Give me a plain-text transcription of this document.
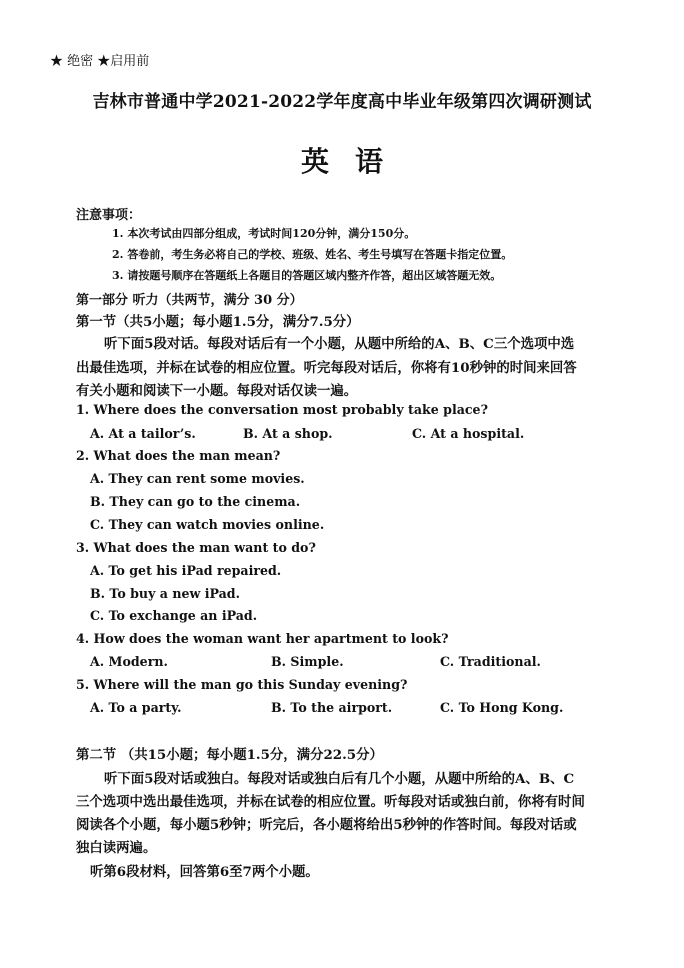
★ 绝密 ★启用前
吉林市普通中学2021-2022学年度高中毕业年级第四次调研测试
英语
注意事项：
1. 本次考试由四部分组成，考试时间120分钟，满分150分。
2. 答卷前，考生务必将自己的学校、班级、姓名、考生号填写在答题卡指定位置。
3. 请按题号顺序在答题纸上各题目的答题区域内整齐作答，超出区域答题无效。
第一部分 听力（共两节，满分 30 分）
第一节（共5小题；每小题1.5分，满分7.5分）
听下面5段对话。每段对话后有一个小题，从题中所给的A、B、C三个选项中选
出最佳选项，并标在试卷的相应位置。听完每段对话后，你将有10秒钟的时间来回答
有关小题和阅读下一小题。每段对话仅读一遍。
1. Where does the conversation most probably take place?
A. At a tailor’s.	B. At a shop.	C. At a hospital.
2. What does the man mean?
A. They can rent some movies.
B. They can go to the cinema.
C. They can watch movies online.
3. What does the man want to do?
A. To get his iPad repaired.
B. To buy a new iPad.
C. To exchange an iPad.
4. How does the woman want her apartment to look?
A. Modern.	B. Simple.	C. Traditional.
5. Where will the man go this Sunday evening?
A. To a party.	B. To the airport.	C. To Hong Kong.
第二节 （共15小题；每小题1.5分，满分22.5分）
听下面5段对话或独白。每段对话或独白后有几个小题，从题中所给的A、B、C
三个选项中选出最佳选项，并标在试卷的相应位置。听每段对话或独白前，你将有时间
阅读各个小题，每小题5秒钟；听完后，各小题将给出5秒钟的作答时间。每段对话或
独白读两遍。
听第6段材料，回答第6至7两个小题。
